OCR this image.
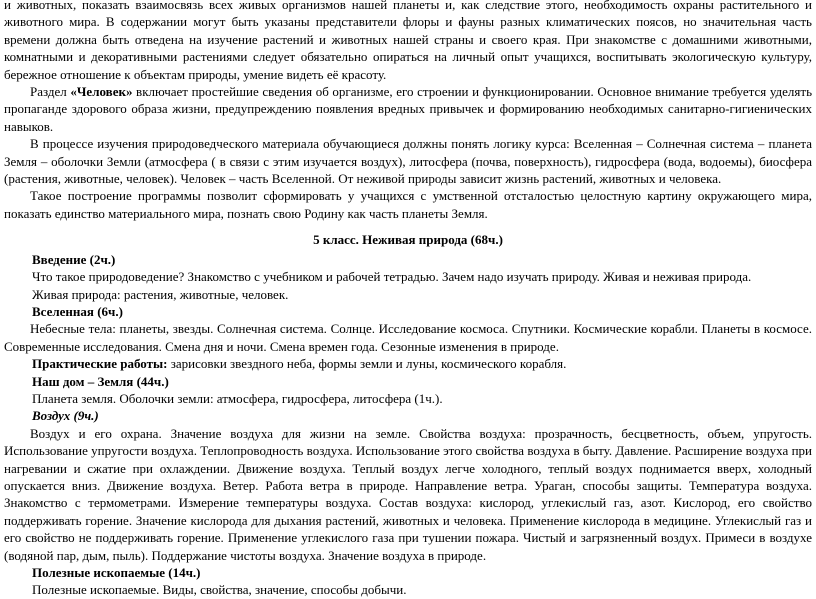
и животных, показать взаимосвязь всех живых организмов нашей планеты и, как следствие этого, необходимость охраны растительного и животного мира. В содержании могут быть указаны представители флоры и фауны разных климатических поясов, но значительная часть времени должна быть отведена на изучение растений и животных нашей страны и своего края. При знакомстве с домашними животными, комнатными и декоративными растениями следует обязательно опираться на личный опыт учащихся, воспитывать экологическую культуру, бережное отношение к объектам природы, умение видеть её красоту.

Раздел «Человек» включает простейшие сведения об организме, его строении и функционировании. Основное внимание требуется уделять пропаганде здорового образа жизни, предупреждению появления вредных привычек и формированию необходимых санитарно-гигиенических навыков.

В процессе изучения природоведческого материала обучающиеся должны понять логику курса: Вселенная – Солнечная система – планета Земля – оболочки Земли (атмосфера ( в связи с этим изучается воздух), литосфера (почва, поверхность), гидросфера (вода, водоемы), биосфера (растения, животные, человек). Человек – часть Вселенной. От неживой природы зависит жизнь растений, животных и человека.

Такое построение программы позволит сформировать у учащихся с умственной отсталостью целостную картину окружающего мира, показать единство материального мира, познать свою Родину как часть планеты Земля.

5 класс. Неживая природа (68ч.)

Введение (2ч.)

Что такое природоведение? Знакомство с учебником и рабочей тетрадью. Зачем надо изучать природу. Живая и неживая природа.

Живая природа: растения, животные, человек.

Вселенная (6ч.)

Небесные тела: планеты, звезды. Солнечная система. Солнце. Исследование космоса. Спутники. Космические корабли. Планеты в космосе. Современные исследования. Смена дня и ночи. Смена времен года. Сезонные изменения в природе.

Практические работы: зарисовки звездного неба, формы земли и луны, космического корабля.

Наш дом – Земля (44ч.)

Планета земля. Оболочки земли: атмосфера, гидросфера, литосфера (1ч.).

Воздух (9ч.)

Воздух и его охрана. Значение воздуха для жизни на земле. Свойства воздуха: прозрачность, бесцветность, объем, упругость. Использование упругости воздуха. Теплопроводность воздуха. Использование этого свойства воздуха в быту. Давление. Расширение воздуха при нагревании и сжатие при охлаждении. Движение воздуха. Теплый воздух легче холодного, теплый воздух поднимается вверх, холодный опускается вниз. Движение воздуха. Ветер. Работа ветра в природе. Направление ветра. Ураган, способы защиты. Температура воздуха. Знакомство с термометрами. Измерение температуры воздуха. Состав воздуха: кислород, углекислый газ, азот. Кислород, его свойство поддерживать горение. Значение кислорода для дыхания растений, животных и человека. Применение кислорода в медицине. Углекислый газ и его свойство не поддерживать горение. Применение углекислого газа при тушении пожара. Чистый и загрязненный воздух. Примеси в воздухе (водяной пар, дым, пыль). Поддержание чистоты воздуха. Значение воздуха в природе.

Полезные ископаемые (14ч.)

Полезные ископаемые. Виды, свойства, значение, способы добычи.
